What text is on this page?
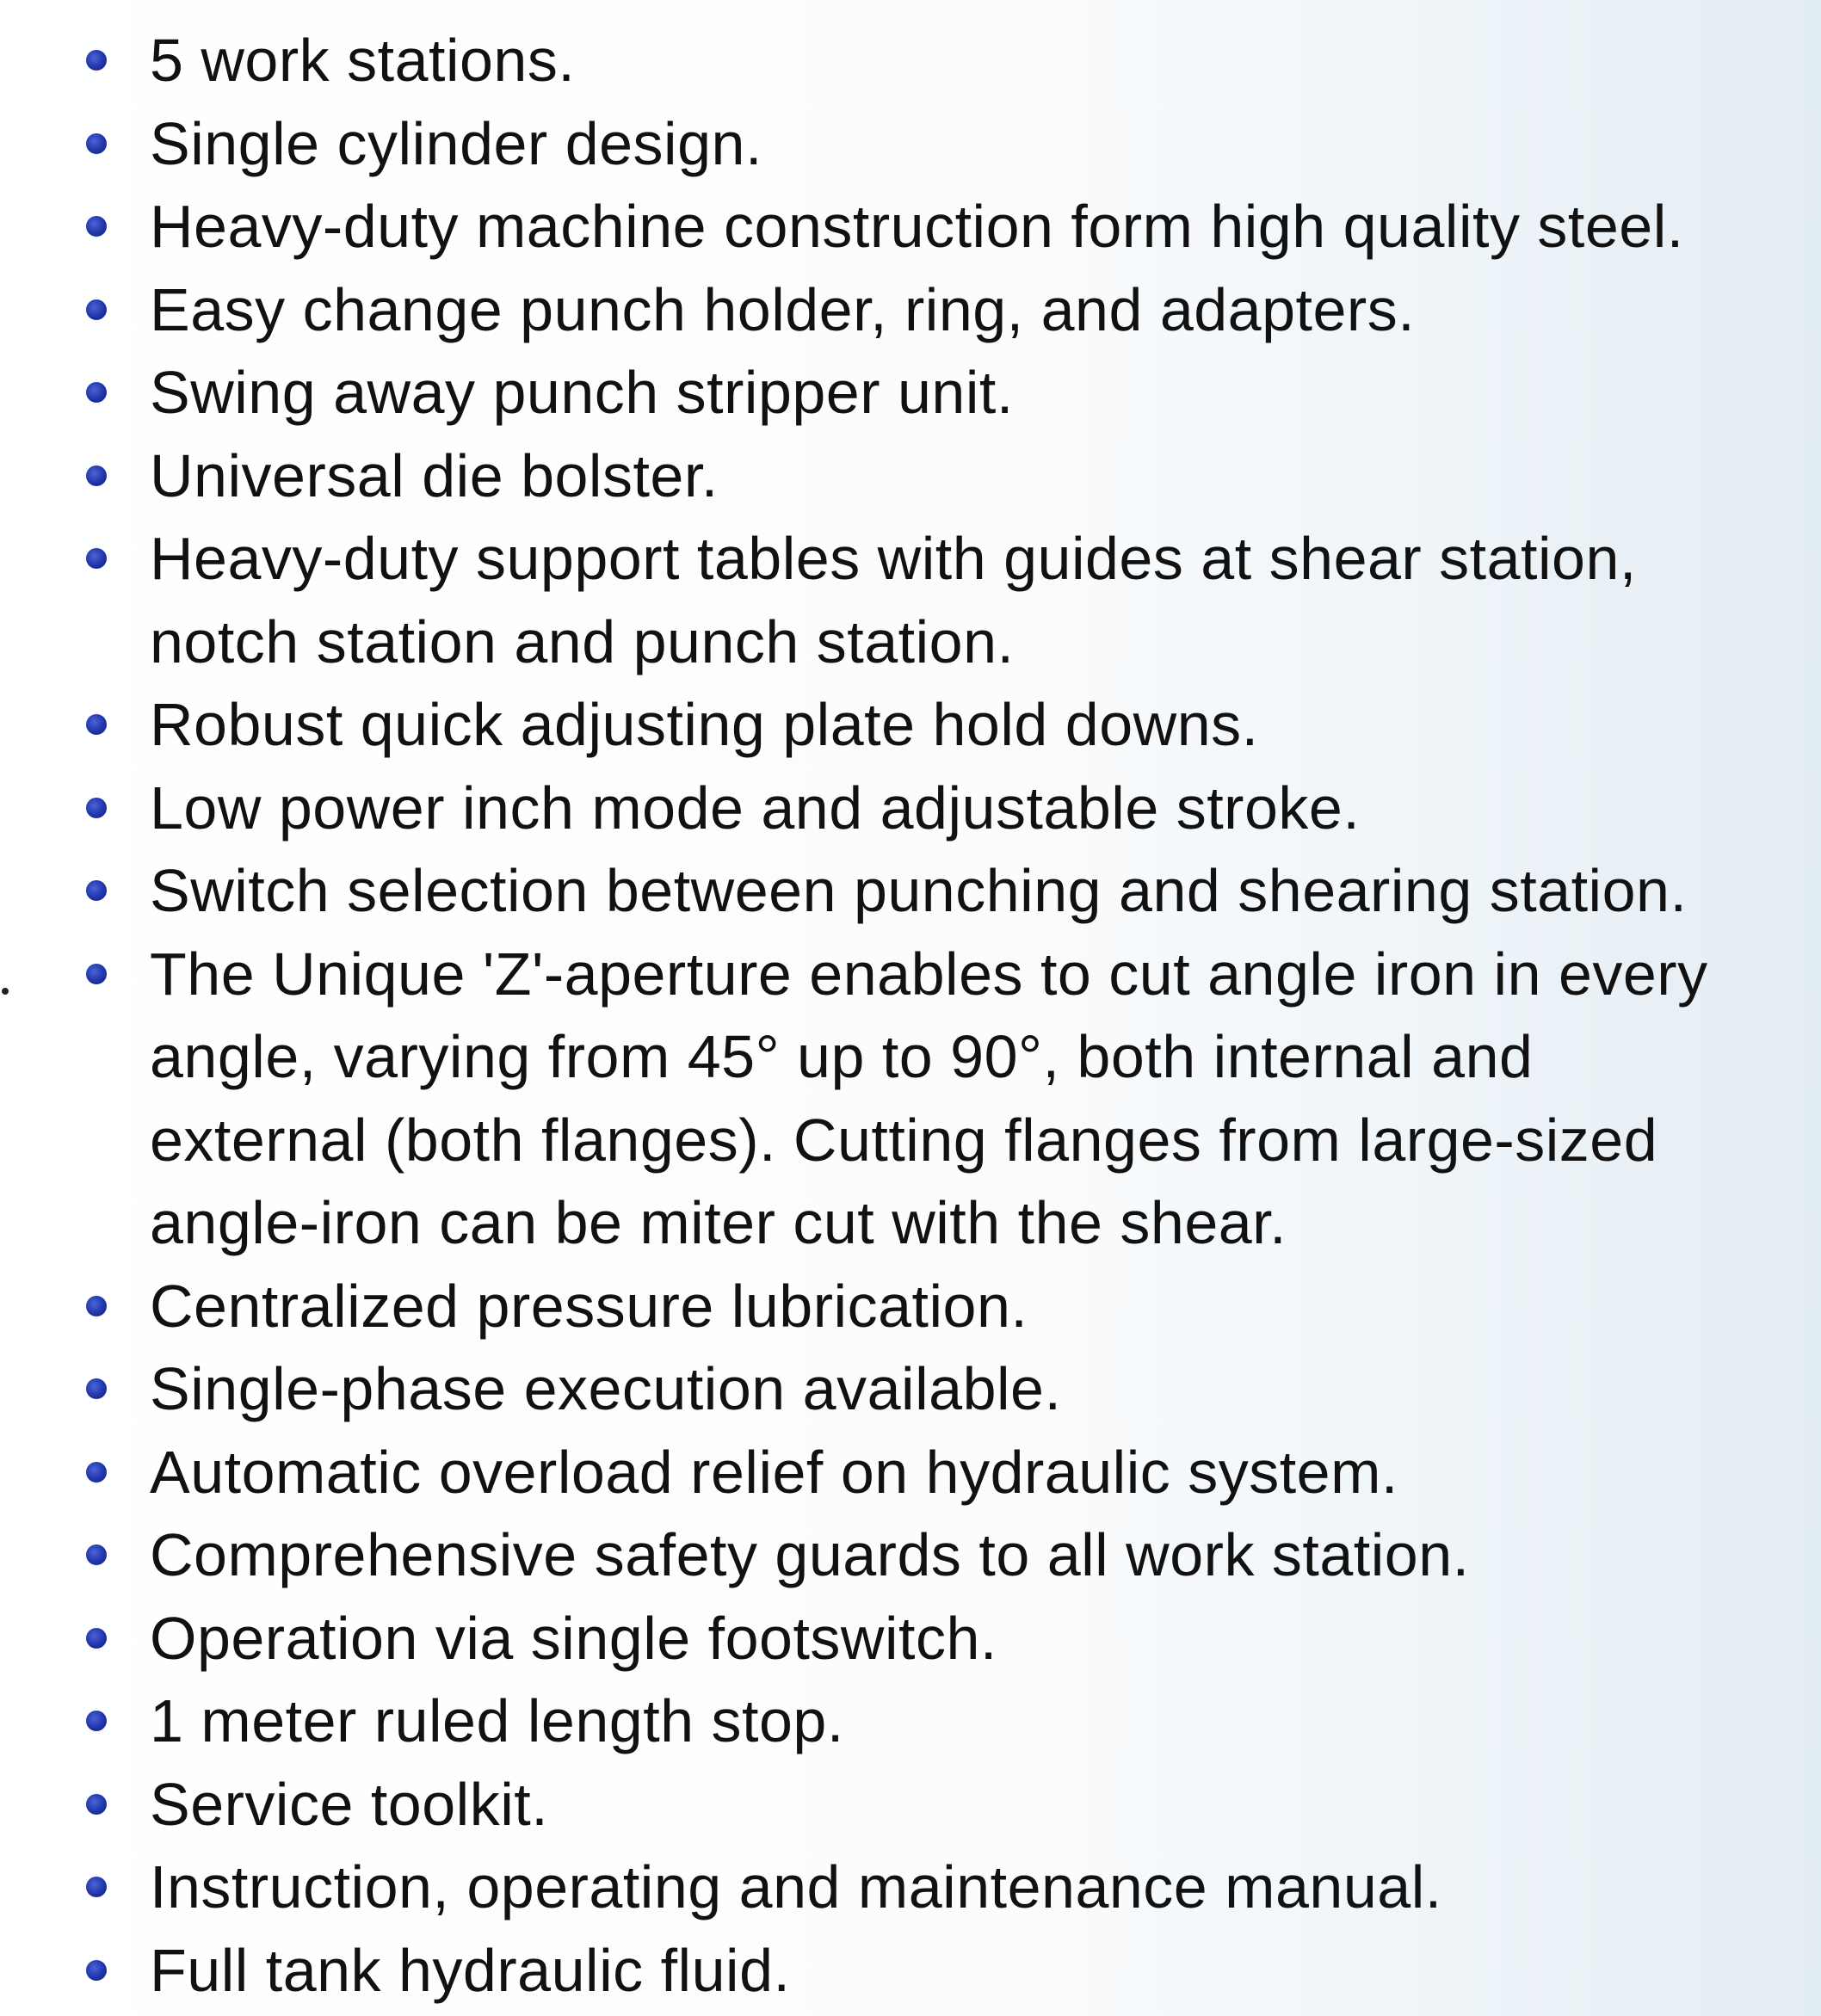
5 work stations.
Single cylinder design.
Heavy-duty machine construction form high quality steel.
Easy change punch holder, ring, and adapters.
Swing away punch stripper unit.
Universal die bolster.
Heavy-duty support tables with guides at shear station,
notch station and punch station.
Robust quick adjusting plate hold downs.
Low power inch mode and adjustable stroke.
Switch selection between punching and shearing station.
The Unique 'Z'-aperture enables to cut angle iron in every
angle, varying from 45° up to 90°, both internal and
external (both flanges). Cutting flanges from large-sized
angle-iron can be miter cut with the shear.
Centralized pressure lubrication.
Single-phase execution available.
Automatic overload relief on hydraulic system.
Comprehensive safety guards to all work station.
Operation via single footswitch.
1 meter ruled length stop.
Service toolkit.
Instruction, operating and maintenance manual.
Full tank hydraulic fluid.
